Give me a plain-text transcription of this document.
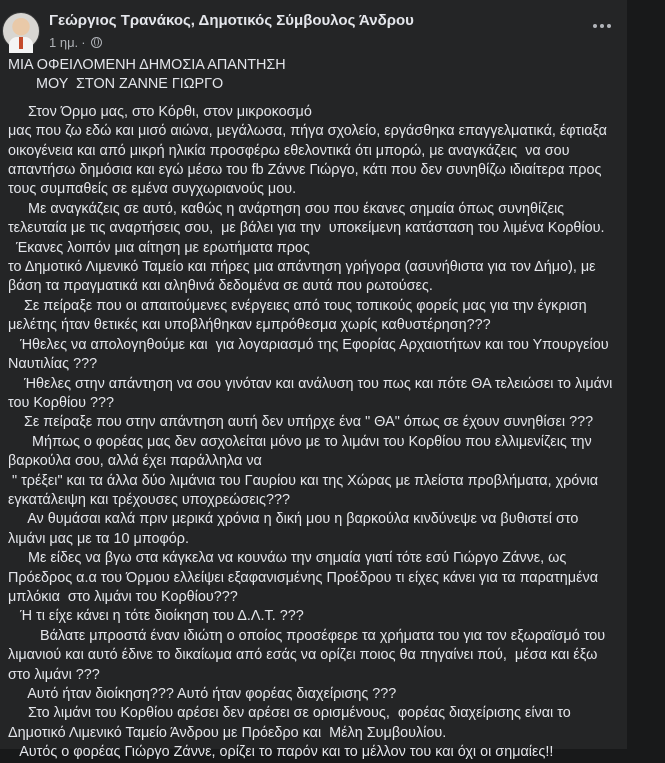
Γεώργιος Τρανάκος, Δημοτικός Σύμβουλος Άνδρου
1 ημ. ·
ΜΙΑ ΟΦΕΙΛΟΜΕΝΗ ΔΗΜΟΣΙΑ ΑΠΑΝΤΗΣΗ
ΜΟΥ  ΣΤΟΝ ΖΑΝΝΕ ΓΙΩΡΓΟ
Στον Όρμο μας, στο Κόρθι, στον μικροκοσμό
μας που ζω εδώ και μισό αιώνα, μεγάλωσα, πήγα σχολείο, εργάσθηκα επαγγελματικά, έφτιαξα
οικογένεια και από μικρή ηλικία προσφέρω εθελοντικά ότι μπορώ, με αναγκάζεις  να σου
απαντήσω δημόσια και εγώ μέσω του fb Ζάννε Γιώργο, κάτι που δεν συνηθίζω ιδιαίτερα προς
τους συμπαθείς σε εμένα συγχωριανούς μου.
Με αναγκάζεις σε αυτό, καθώς η ανάρτηση σου που έκανες σημαία όπως συνηθίζεις
τελευταία με τις αναρτήσεις σου,  με βάλει για την  υποκείμενη κατάσταση του λιμένα Κορθίου.
Έκανες λοιπόν μια αίτηση με ερωτήματα προς
το Δημοτικό Λιμενικό Ταμείο και πήρες μια απάντηση γρήγορα (ασυνήθιστα για τον Δήμο), με
βάση τα πραγματικά και αληθινά δεδομένα σε αυτά που ρωτούσες.
Σε πείραξε που οι απαιτούμενες ενέργειες από τους τοπικούς φορείς μας για την έγκριση
μελέτης ήταν θετικές και υποβλήθηκαν εμπρόθεσμα χωρίς καθυστέρηση???
Ήθελες να απολογηθούμε και  για λογαριασμό της Εφορίας Αρχαιοτήτων και του Υπουργείου
Ναυτιλίας ???
Ήθελες στην απάντηση να σου γινόταν και ανάλυση του πως και πότε ΘΑ τελειώσει το λιμάνι
του Κορθίου ???
Σε πείραξε που στην απάντηση αυτή δεν υπήρχε ένα " ΘΑ" όπως σε έχουν συνηθίσει ???
Μήπως ο φορέας μας δεν ασχολείται μόνο με το λιμάνι του Κορθίου που ελλιμενίζεις την
βαρκούλα σου, αλλά έχει παράλληλα να
" τρέξει" και τα άλλα δύο λιμάνια του Γαυρίου και της Χώρας με πλείστα προβλήματα, χρόνια
εγκατάλειψη και τρέχουσες υποχρεώσεις???
Αν θυμάσαι καλά πριν μερικά χρόνια η δική μου η βαρκούλα κινδύνεψε να βυθιστεί στο
λιμάνι μας με τα 10 μποφόρ.
Με είδες να βγω στα κάγκελα να κουνάω την σημαία γιατί τότε εσύ Γιώργο Ζάννε, ως
Πρόεδρος α.α του Όρμου ελλείψει εξαφανισμένης Προέδρου τι είχες κάνει για τα παρατημένα
μπλόκια  στο λιμάνι του Κορθίου???
Ή τι είχε κάνει η τότε διοίκηση του Δ.Λ.Τ. ???
Βάλατε μπροστά έναν ιδιώτη ο οποίος προσέφερε τα χρήματα του για τον εξωραϊσμό του
λιμανιού και αυτό έδινε το δικαίωμα από εσάς να ορίζει ποιος θα πηγαίνει πού,  μέσα και έξω
στο λιμάνι ???
Αυτό ήταν διοίκηση??? Αυτό ήταν φορέας διαχείρισης ???
Στο λιμάνι του Κορθίου αρέσει δεν αρέσει σε ορισμένους,  φορέας διαχείρισης είναι το
Δημοτικό Λιμενικό Ταμείο Άνδρου με Πρόεδρο και  Μέλη Συμβουλίου.
Αυτός ο φορέας Γιώργο Ζάννε, ορίζει το παρόν και το μέλλον του και όχι οι σημαίες!!
